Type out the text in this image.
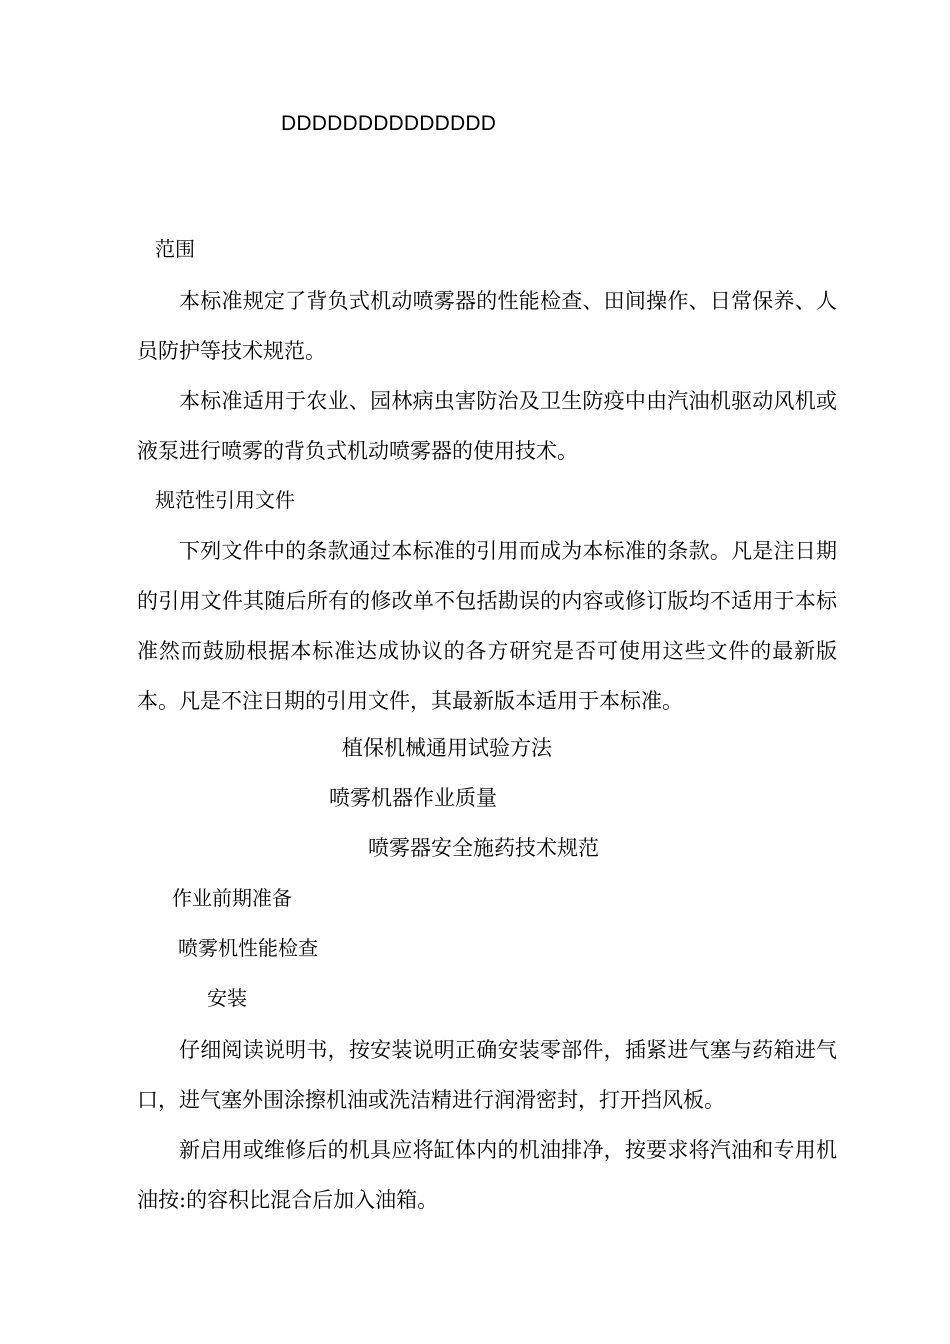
DDDDDDDDDDDDDD
范围
本标准规定了背负式机动喷雾器的性能检查、田间操作、日常保养、人员防护等技术规范。
本标准适用于农业、园林病虫害防治及卫生防疫中由汽油机驱动风机或液泵进行喷雾的背负式机动喷雾器的使用技术。
规范性引用文件
下列文件中的条款通过本标准的引用而成为本标准的条款。凡是注日期的引用文件其随后所有的修改单不包括勘误的内容或修订版均不适用于本标准然而鼓励根据本标准达成协议的各方研究是否可使用这些文件的最新版本。凡是不注日期的引用文件，其最新版本适用于本标准。
植保机械通用试验方法
喷雾机器作业质量
喷雾器安全施药技术规范
作业前期准备
喷雾机性能检查
安装
仔细阅读说明书，按安装说明正确安装零部件，插紧进气塞与药箱进气口，进气塞外围涂擦机油或洗洁精进行润滑密封，打开挡风板。
新启用或维修后的机具应将缸体内的机油排净，按要求将汽油和专用机油按:的容积比混合后加入油箱。
